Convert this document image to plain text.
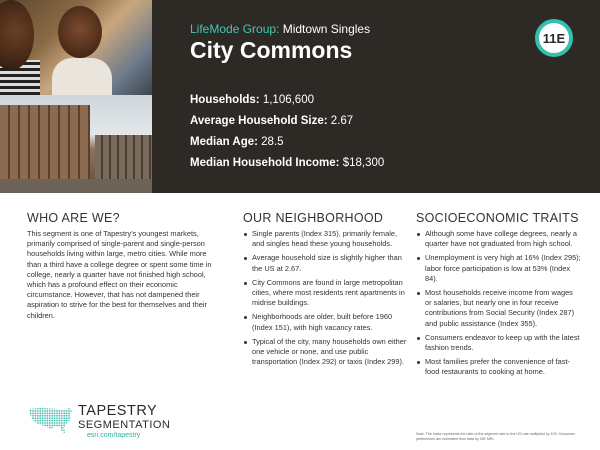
LifeMode Group: Midtown Singles
City Commons	11E
Households: 1,106,600
Average Household Size: 2.67
Median Age: 28.5
Median Household Income: $18,300
WHO ARE WE?

This segment is one of Tapestry's youngest markets, primarily comprised of single-parent and single-person households living within large, metro cities. While more than a third have a college degree or spent some time in college, nearly a quarter have not finished high school, which has a profound effect on their economic circumstance. However, that has not dampened their aspiration to strive for the best for themselves and their children.

OUR NEIGHBORHOOD
Single parents (Index 315), primarily female, and singles head these young households.
Average household size is slightly higher than the US at 2.67.
City Commons are found in large metropolitan cities, where most residents rent apartments in midrise buildings.
Neighborhoods are older, built before 1960 (Index 151), with high vacancy rates.
Typical of the city, many households own either one vehicle or none, and use public transportation (Index 292) or taxis (Index 299).
SOCIOECONOMIC TRAITS
Although some have college degrees, nearly a quarter have not graduated from high school.
Unemployment is very high at 16% (Index 295); labor force participation is low at 53% (Index 84).
Most households receive income from wages or salaries, but nearly one in four receive contributions from Social Security (Index 287) and public assistance (Index 355).
Consumers endeavor to keep up with the latest fashion trends.
Most families prefer the convenience of fast-food restaurants to cooking at home.
TAPESTRY
SEGMENTATION
esri.com/tapestry	Note: The Index represents the ratio of the segment rate to the US rate multiplied by 100. Consumer preferences are estimated from data by GfK MRI.
